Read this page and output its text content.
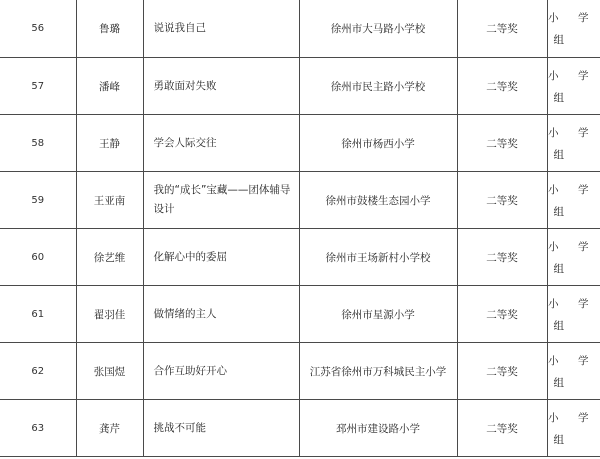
56	鲁璐	说说我自己	徐州市大马路小学校	二等奖	小 学
组

57	潘峰	勇敢面对失败	徐州市民主路小学校	二等奖	小 学
组

58	王静	学会人际交往	徐州市杨西小学	二等奖	小 学
组

59	王亚南	我的“成长”宝藏——团体辅导设计	徐州市鼓楼生态园小学	二等奖	小 学
组

60	徐艺维	化解心中的委屈	徐州市王场新村小学校	二等奖	小 学
组

61	翟羽佳	做情绪的主人	徐州市星源小学	二等奖	小 学
组

62	张国煜	合作互助好开心	江苏省徐州市万科城民主小学	二等奖	小 学
组

63	龚芹	挑战不可能	邳州市建设路小学	二等奖	小 学
组
